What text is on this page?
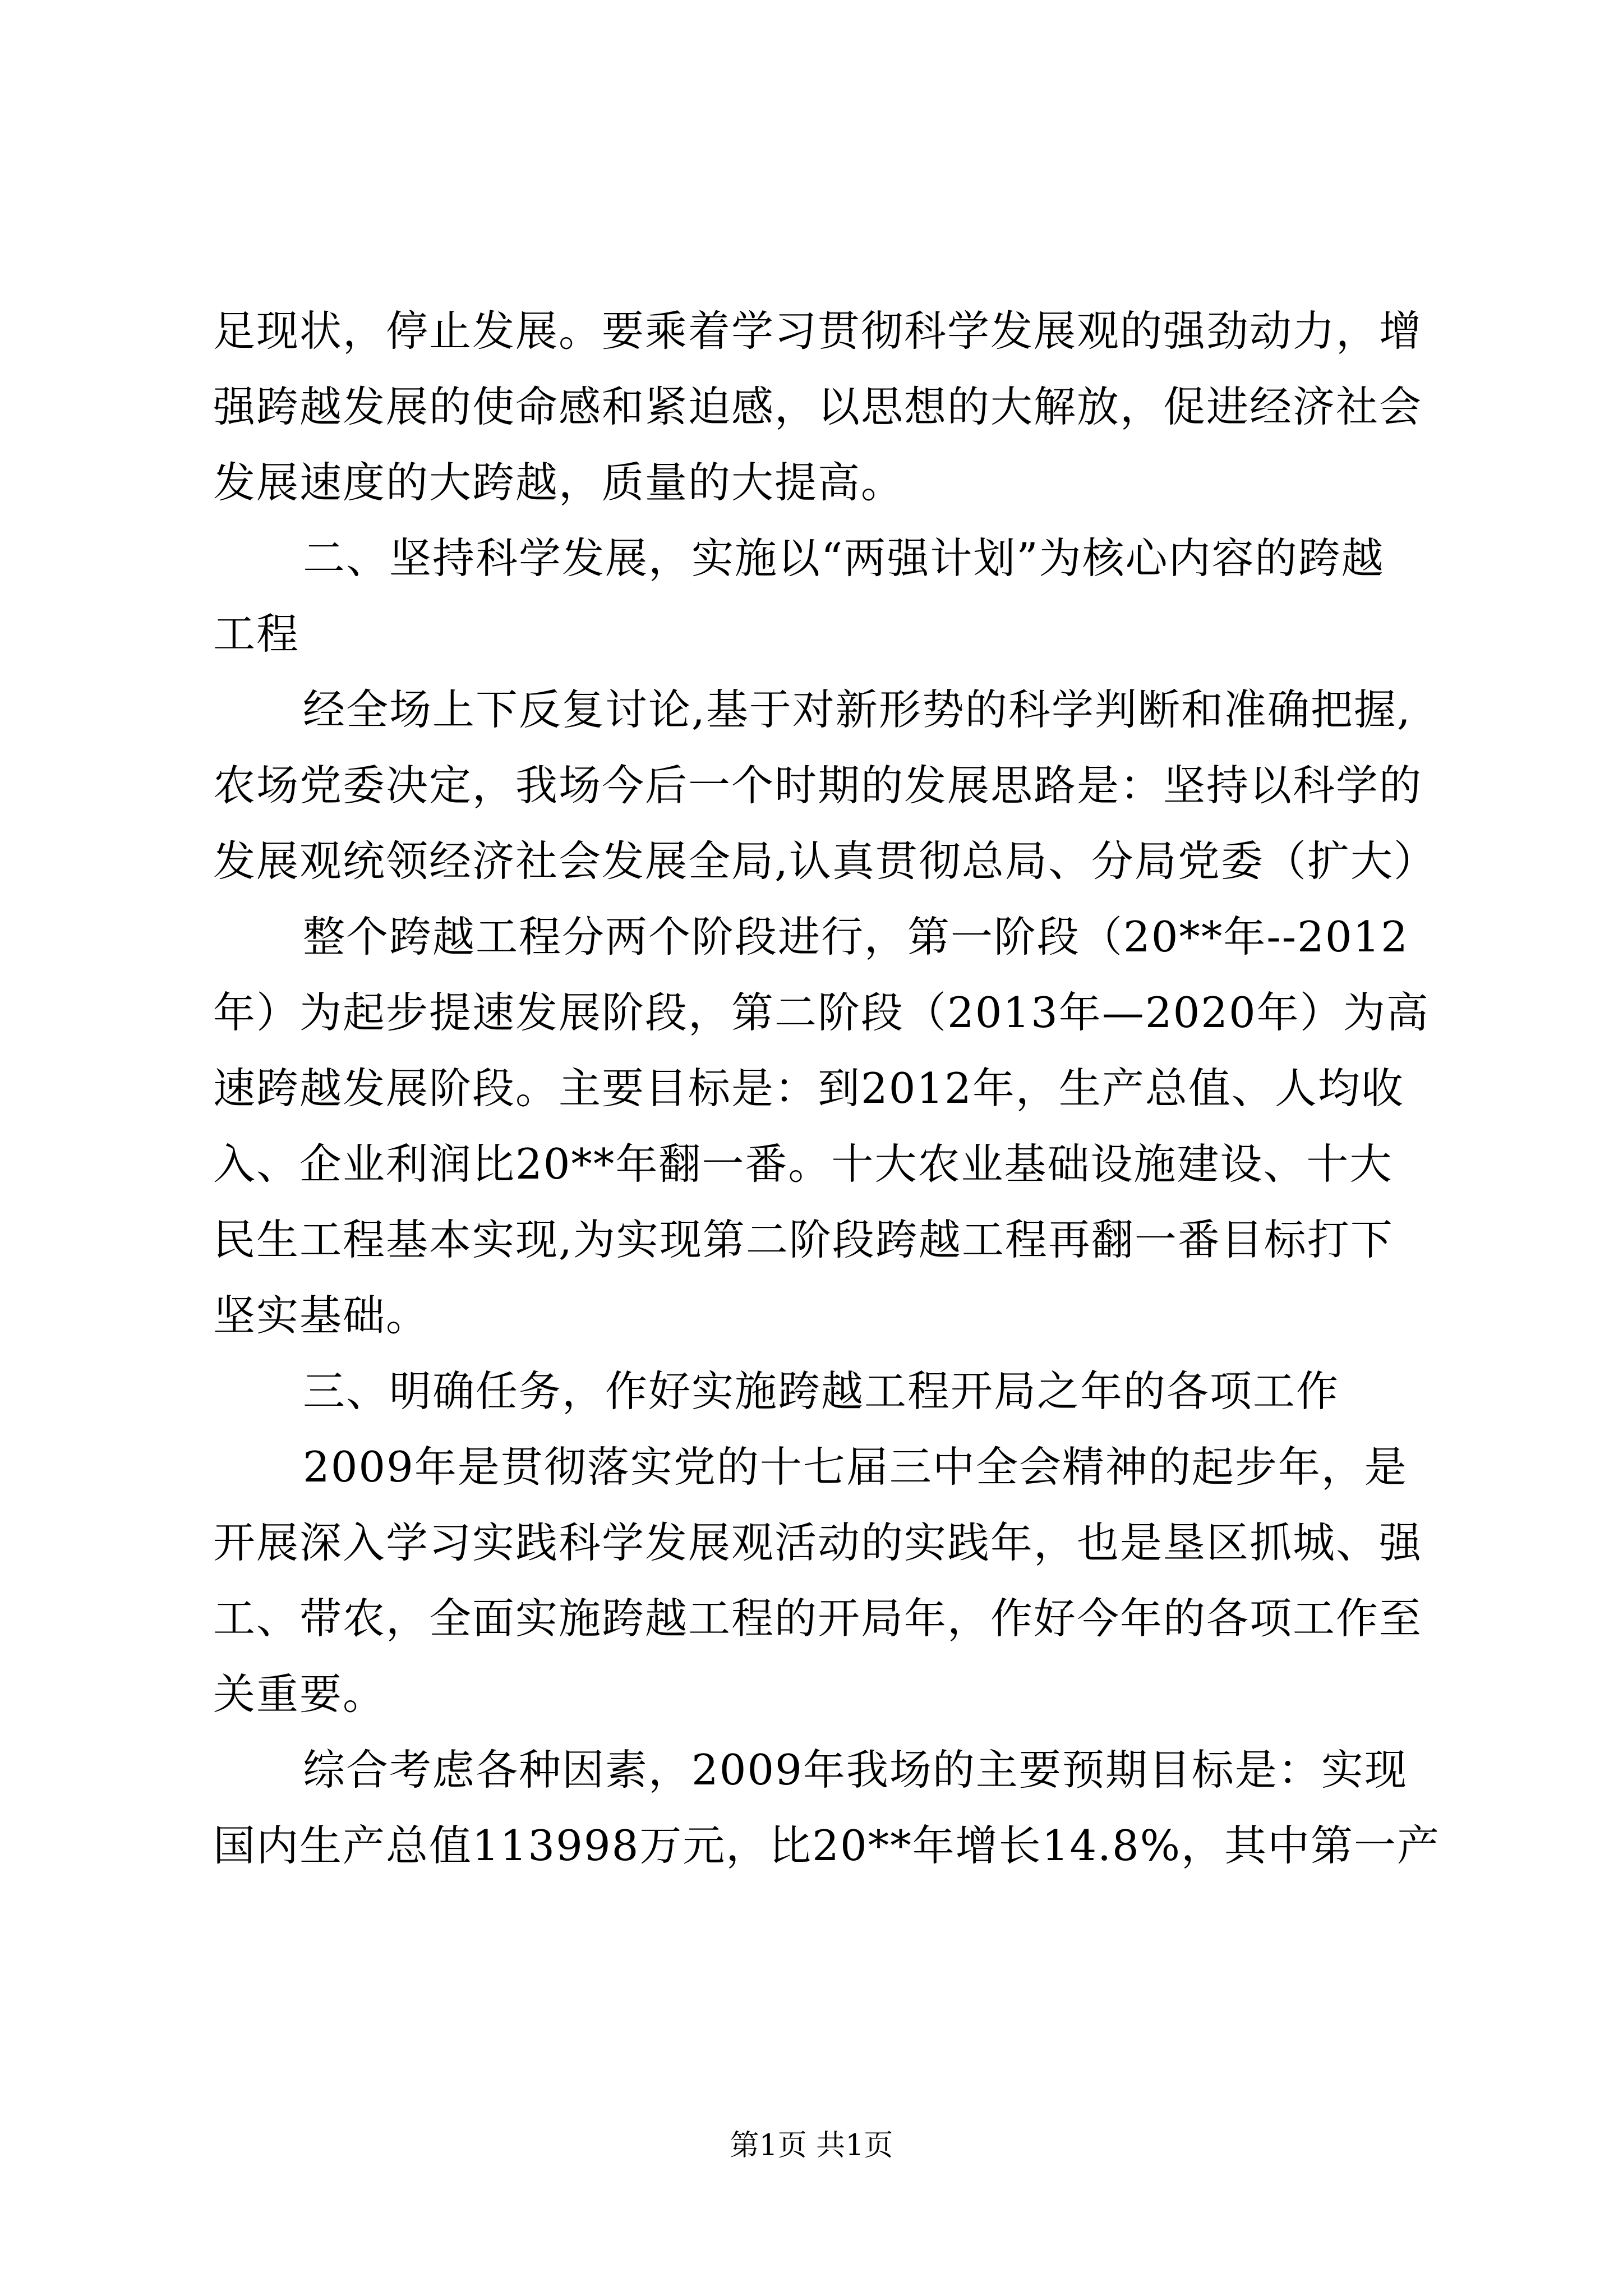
足现状，停止发展。要乘着学习贯彻科学发展观的强劲动力，增
强跨越发展的使命感和紧迫感，以思想的大解放，促进经济社会
发展速度的大跨越，质量的大提高。
二、坚持科学发展，实施以“两强计划”为核心内容的跨越
工程
经全场上下反复讨论,基于对新形势的科学判断和准确把握,
农场党委决定，我场今后一个时期的发展思路是：坚持以科学的
发展观统领经济社会发展全局,认真贯彻总局、分局党委（扩大）
整个跨越工程分两个阶段进行，第一阶段（20**年--2012
年）为起步提速发展阶段，第二阶段（2013年—2020年）为高
速跨越发展阶段。主要目标是：到2012年，生产总值、人均收
入、企业利润比20**年翻一番。十大农业基础设施建设、十大
民生工程基本实现,为实现第二阶段跨越工程再翻一番目标打下
坚实基础。
三、明确任务，作好实施跨越工程开局之年的各项工作
2009年是贯彻落实党的十七届三中全会精神的起步年，是
开展深入学习实践科学发展观活动的实践年，也是垦区抓城、强
工、带农，全面实施跨越工程的开局年，作好今年的各项工作至
关重要。
综合考虑各种因素，2009年我场的主要预期目标是：实现
国内生产总值113998万元，比20**年增长14.8%，其中第一产
第1页 共1页
